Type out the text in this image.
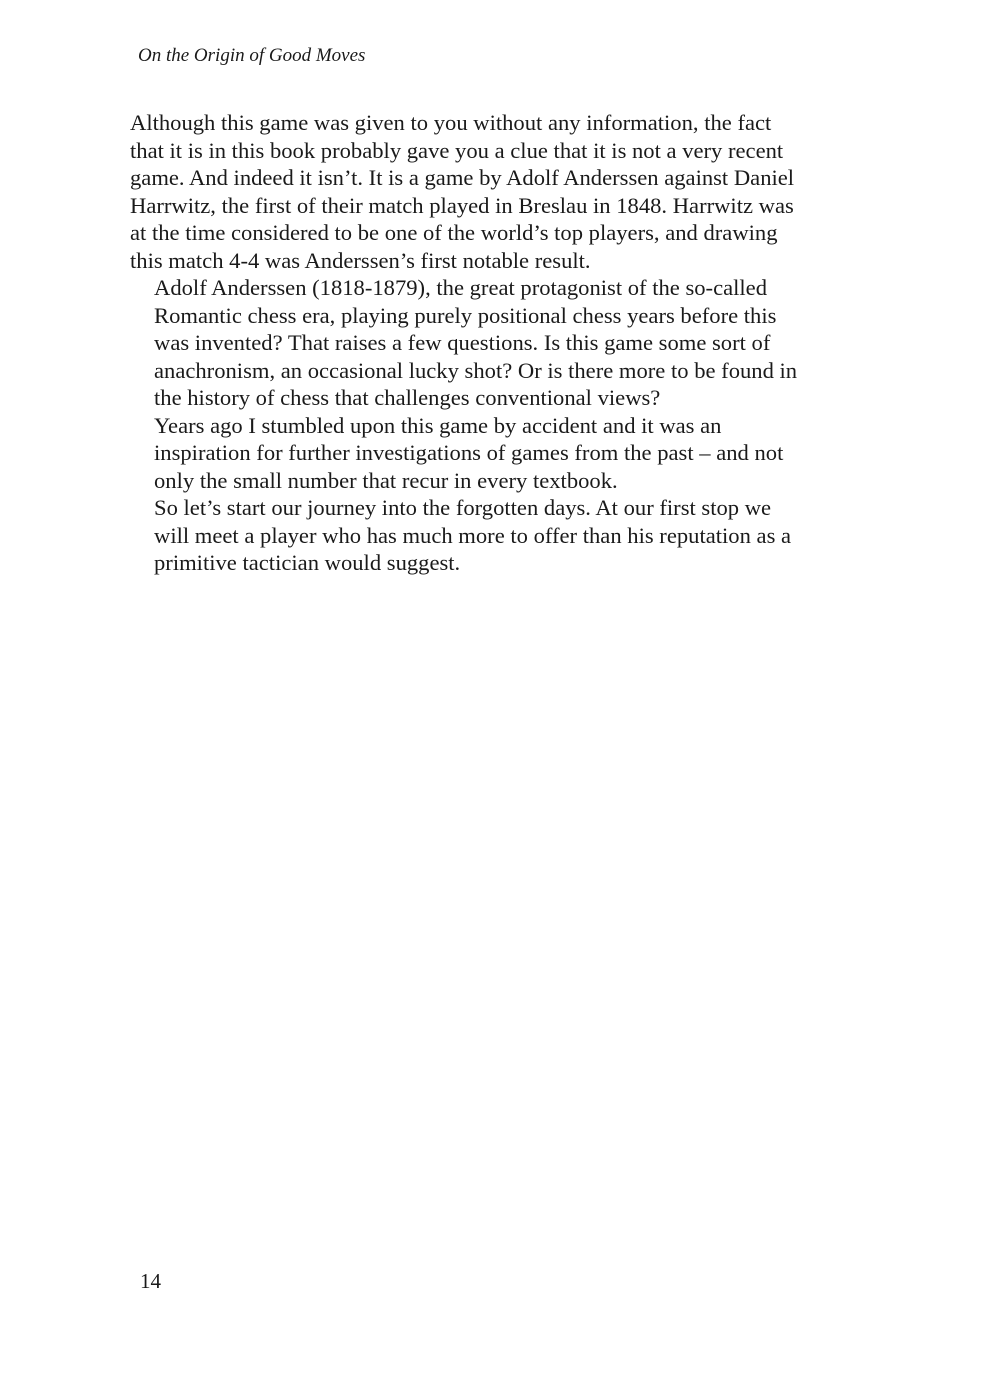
On the Origin of Good Moves

Although this game was given to you without any information, the fact
that it is in this book probably gave you a clue that it is not a very recent
game. And indeed it isn’t. It is a game by Adolf Anderssen against Daniel
Harrwitz, the first of their match played in Breslau in 1848. Harrwitz was
at the time considered to be one of the world’s top players, and drawing
this match 4-4 was Anderssen’s first notable result.

Adolf Anderssen (1818-1879), the great protagonist of the so-called
Romantic chess era, playing purely positional chess years before this
was invented? That raises a few questions. Is this game some sort of
anachronism, an occasional lucky shot? Or is there more to be found in
the history of chess that challenges conventional views?

Years ago I stumbled upon this game by accident and it was an
inspiration for further investigations of games from the past – and not
only the small number that recur in every textbook.

So let’s start our journey into the forgotten days. At our first stop we
will meet a player who has much more to offer than his reputation as a
primitive tactician would suggest.

14
